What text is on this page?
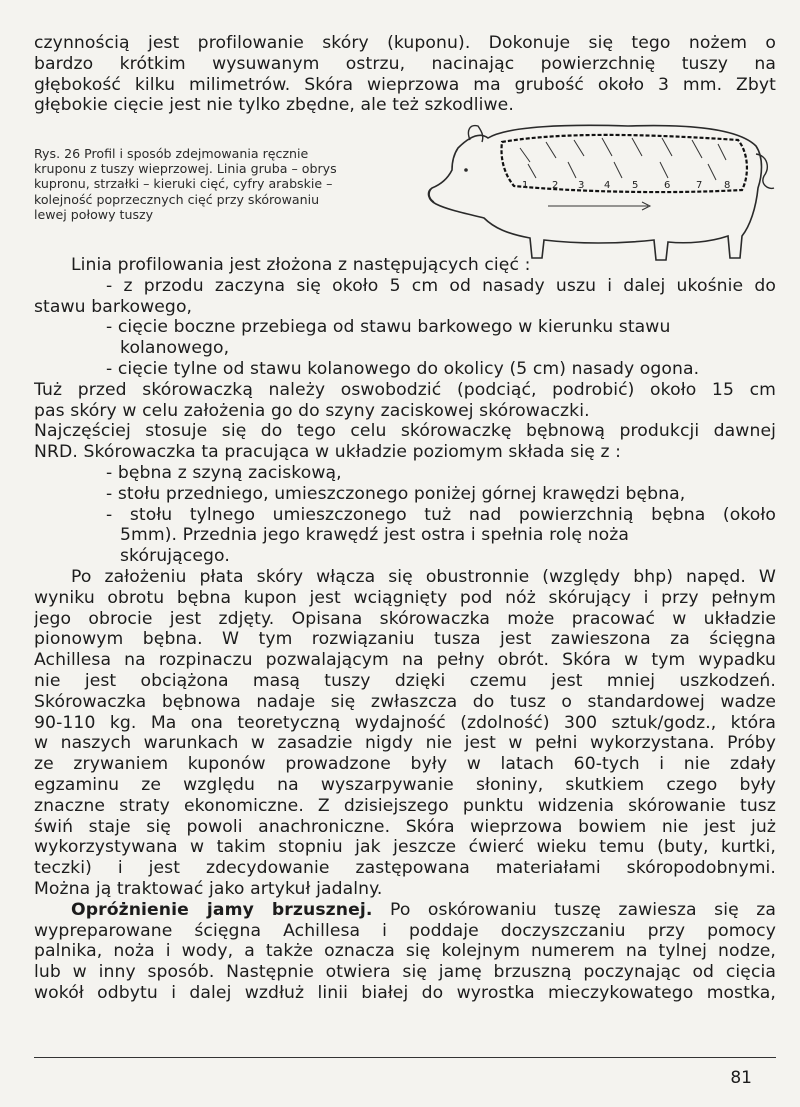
czynnością jest profilowanie skóry (kuponu). Dokonuje się tego nożem o
bardzo krótkim wysuwanym ostrzu, nacinając powierzchnię tuszy na
głębokość kilku milimetrów. Skóra wieprzowa ma grubość około 3 mm. Zbyt
głębokie cięcie jest nie tylko zbędne, ale też szkodliwe.
Rys. 26 Profil i sposób zdejmowania ręcznie
kruponu z tuszy wieprzowej. Linia gruba – obrys
kuprоnu, strzałki – kieruki cięć, cyfry arabskie –
kolejność poprzecznych cięć przy skórowaniu
lewej połowy tuszy
1 2 3 4 5	6	7 8
Linia profilowania jest złożona z następujących cięć :
- z przodu zaczyna się około 5 cm od nasady uszu i dalej ukośnie do
stawu barkowego,
- cięcie boczne przebiega od stawu barkowego w kierunku stawu
kolanowego,
- cięcie tylne od stawu kolanowego do okolicy (5 cm) nasady ogona.
Tuż przed skórowaczką należy oswobodzić (podciąć, podrobić) około 15 cm
pas skóry w celu założenia go do szyny zaciskowej skórowaczki.
Najczęściej stosuje się do tego celu skórowaczkę bębnową produkcji dawnej
NRD. Skórowaczka ta pracująca w układzie poziomym składa się z :
- bębna z szyną zaciskową,
- stołu przedniego, umieszczonego poniżej górnej krawędzi bębna,
- stołu tylnego umieszczonego tuż nad powierzchnią bębna (około
5mm). Przednia jego krawędź jest ostra i spełnia rolę noża
skórującego.
Po założeniu płata skóry włącza się obustronnie (względy bhp) napęd. W
wyniku obrotu bębna kupon jest wciągnięty pod nóż skórujący i przy pełnym
jego obrocie jest zdjęty. Opisana skórowaczka może pracować w układzie
pionowym bębna. W tym rozwiązaniu tusza jest zawieszona za ścięgna
Achillesa na rozpinaczu pozwalającym na pełny obrót. Skóra w tym wypadku
nie jest obciążona masą tuszy dzięki czemu jest mniej uszkodzeń.
Skórowaczka bębnowa nadaje się zwłaszcza do tusz o standardowej wadze
90-110 kg. Ma ona teoretyczną wydajność (zdolność) 300 sztuk/godz., która
w naszych warunkach w zasadzie nigdy nie jest w pełni wykorzystana. Próby
ze zrywaniem kuponów prowadzone były w latach 60-tych i nie zdały
egzaminu ze względu na wyszarpywanie słoniny, skutkiem czego były
znaczne straty ekonomiczne. Z dzisiejszego punktu widzenia skórowanie tusz
świń staje się powoli anachroniczne. Skóra wieprzowa bowiem nie jest już
wykorzystywana w takim stopniu jak jeszcze ćwierć wieku temu (buty, kurtki,
teczki) i jest zdecydowanie zastępowana materiałami skóropodobnymi.
Można ją traktować jako artykuł jadalny.
Opróżnienie jamy brzusznej. Po oskórowaniu tuszę zawiesza się za
wypreparowane ścięgna Achillesa i poddaje doczyszczaniu przy pomocy
palnika, noża i wody, a także oznacza się kolejnym numerem na tylnej nodze,
lub w inny sposób. Następnie otwiera się jamę brzuszną poczynając od cięcia
wokół odbytu i dalej wzdłuż linii białej do wyrostka mieczykowatego mostka,
81
